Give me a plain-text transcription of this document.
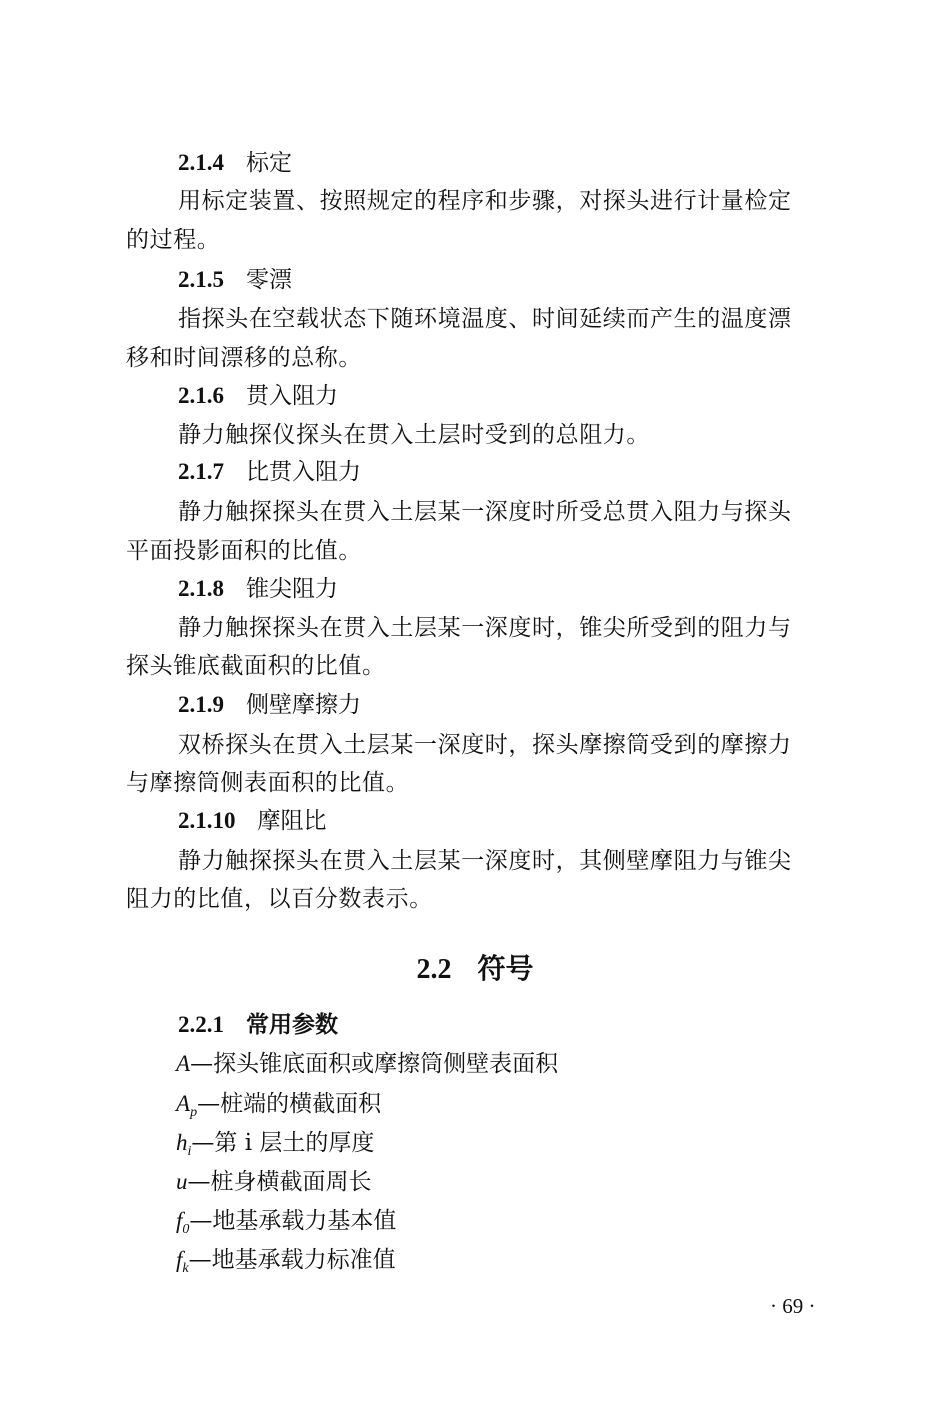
2.1.4 标定
用标定装置、按照规定的程序和步骤，对探头进行计量检定
的过程。
2.1.5 零漂
指探头在空载状态下随环境温度、时间延续而产生的温度漂
移和时间漂移的总称。
2.1.6 贯入阻力
静力触探仪探头在贯入土层时受到的总阻力。
2.1.7 比贯入阻力
静力触探探头在贯入土层某一深度时所受总贯入阻力与探头
平面投影面积的比值。
2.1.8 锥尖阻力
静力触探探头在贯入土层某一深度时，锥尖所受到的阻力与
探头锥底截面积的比值。
2.1.9 侧壁摩擦力
双桥探头在贯入土层某一深度时，探头摩擦筒受到的摩擦力
与摩擦筒侧表面积的比值。
2.1.10 摩阻比
静力触探探头在贯入土层某一深度时，其侧壁摩阻力与锥尖
阻力的比值，以百分数表示。
2.2 符号
2.2.1 常用参数
A—探头锥底面积或摩擦筒侧壁表面积
$A_p—$桩端的横截面积
$h_i—$第 i 层土的厚度
u—桩身横截面周长
$f_0—$地基承载力基本值
$f_k—$地基承载力标准值
· 69 ·
